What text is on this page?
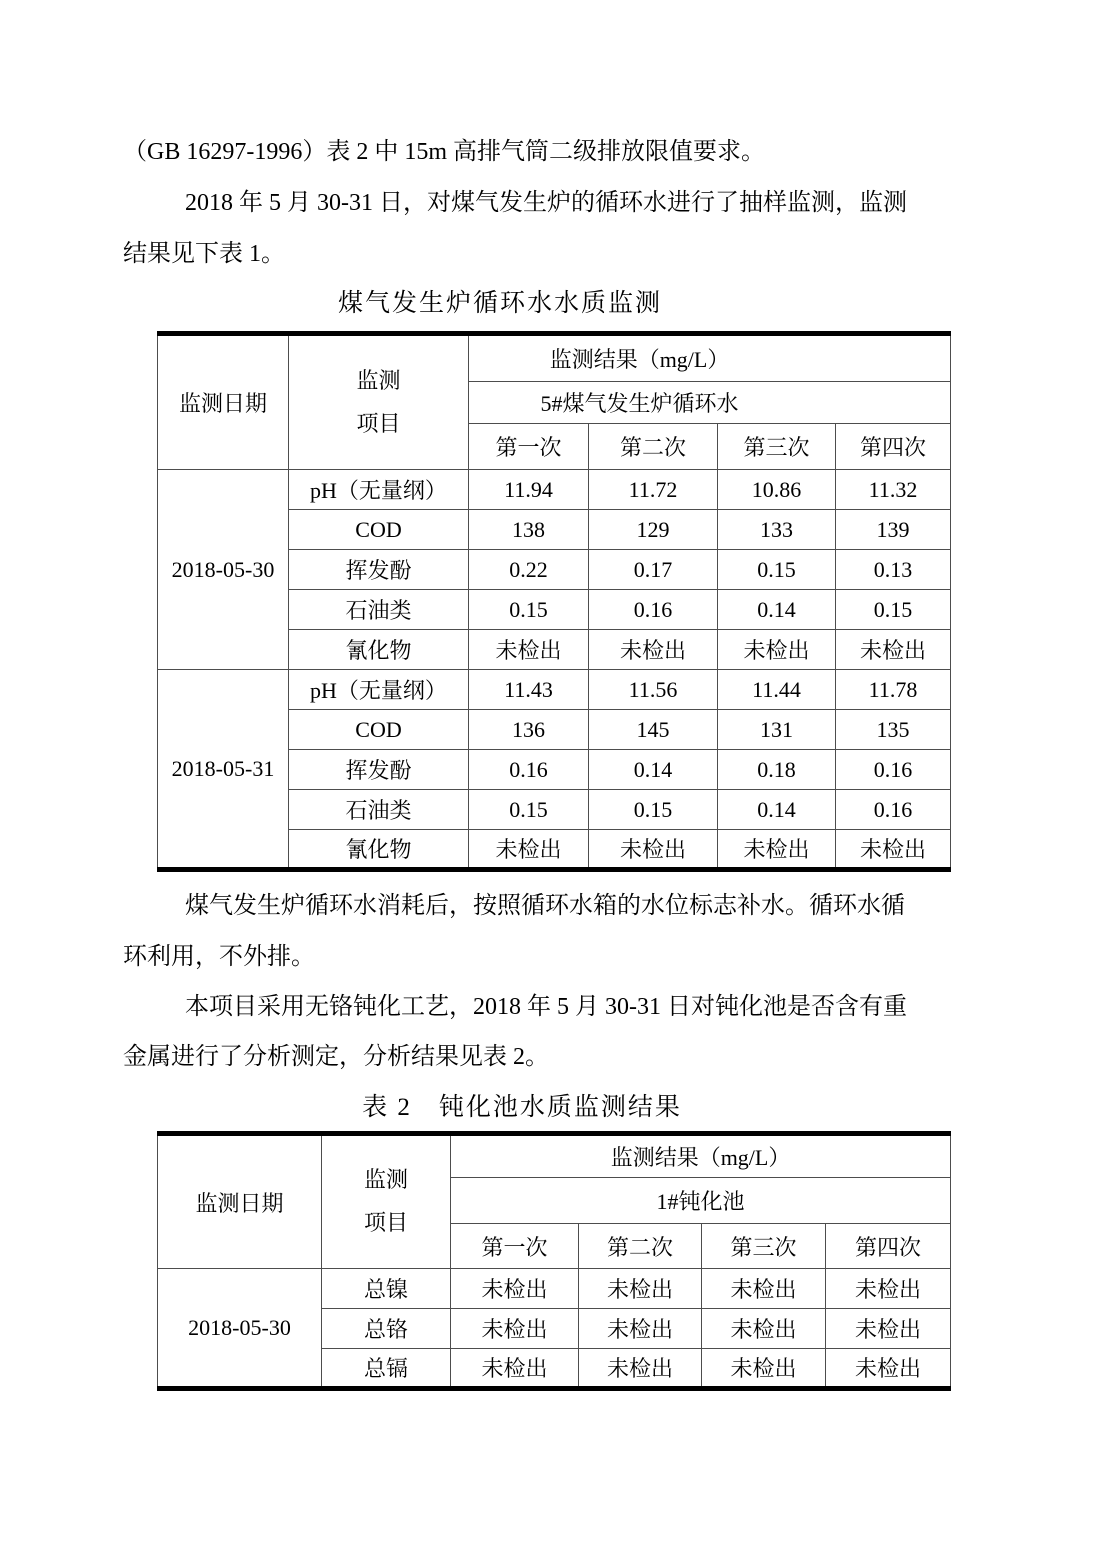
（GB 16297-1996）表 2 中 15m 高排气筒二级排放限值要求。
2018 年 5 月 30-31 日，对煤气发生炉的循环水进行了抽样监测，监测
结果见下表 1。
煤气发生炉循环水水质监测
监测日期	监测
项目	监测结果（mg/L）			
		5#煤气发生炉循环水			
		第一次	第二次	第三次	第四次
2018-05-30	pH（无量纲）	11.94	11.72	10.86	11.32
	COD	138	129	133	139
	挥发酚	0.22	0.17	0.15	0.13
	石油类	0.15	0.16	0.14	0.15
	氰化物	未检出	未检出	未检出	未检出
2018-05-31	pH（无量纲）	11.43	11.56	11.44	11.78
	COD	136	145	131	135
	挥发酚	0.16	0.14	0.18	0.16
	石油类	0.15	0.15	0.14	0.16
	氰化物	未检出	未检出	未检出	未检出
煤气发生炉循环水消耗后，按照循环水箱的水位标志补水。循环水循
环利用，不外排。
本项目采用无铬钝化工艺，2018 年 5 月 30-31 日对钝化池是否含有重
金属进行了分析测定，分析结果见表 2。
表 2　钝化池水质监测结果
监测日期	监测
项目	监测结果（mg/L）			
		1#钝化池			
		第一次	第二次	第三次	第四次
2018-05-30	总镍	未检出	未检出	未检出	未检出
	总铬	未检出	未检出	未检出	未检出
	总镉	未检出	未检出	未检出	未检出
